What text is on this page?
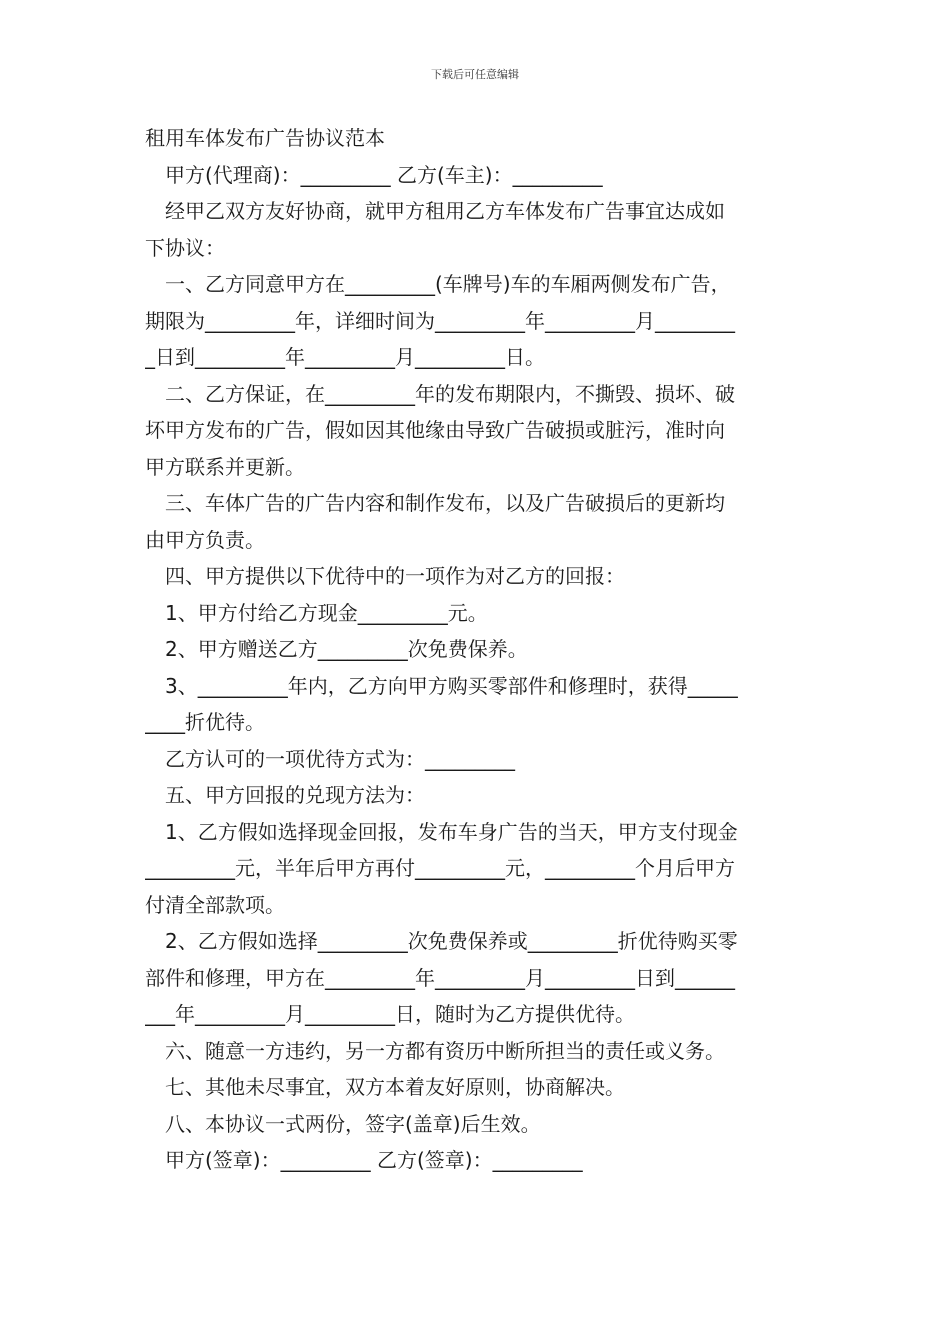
下载后可任意编辑
租用车体发布广告协议范本
甲方(代理商)：_________ 乙方(车主)：_________
经甲乙双方友好协商，就甲方租用乙方车体发布广告事宜达成如
下协议：
一、乙方同意甲方在_________(车牌号)车的车厢两侧发布广告，
期限为_________年，详细时间为_________年_________月________
_日到_________年_________月_________日。
二、乙方保证，在_________年的发布期限内，不撕毁、损坏、破
坏甲方发布的广告，假如因其他缘由导致广告破损或脏污，准时向
甲方联系并更新。
三、车体广告的广告内容和制作发布，以及广告破损后的更新均
由甲方负责。
四、甲方提供以下优待中的一项作为对乙方的回报：
1、甲方付给乙方现金_________元。
2、甲方赠送乙方_________次免费保养。
3、_________年内，乙方向甲方购买零部件和修理时，获得_____
____折优待。
乙方认可的一项优待方式为：_________
五、甲方回报的兑现方法为：
1、乙方假如选择现金回报，发布车身广告的当天，甲方支付现金
_________元，半年后甲方再付_________元，_________个月后甲方
付清全部款项。
2、乙方假如选择_________次免费保养或_________折优待购买零
部件和修理，甲方在_________年_________月_________日到______
___年_________月_________日，随时为乙方提供优待。
六、随意一方违约，另一方都有资历中断所担当的责任或义务。
七、其他未尽事宜，双方本着友好原则，协商解决。
八、本协议一式两份，签字(盖章)后生效。
甲方(签章)：_________ 乙方(签章)：_________
